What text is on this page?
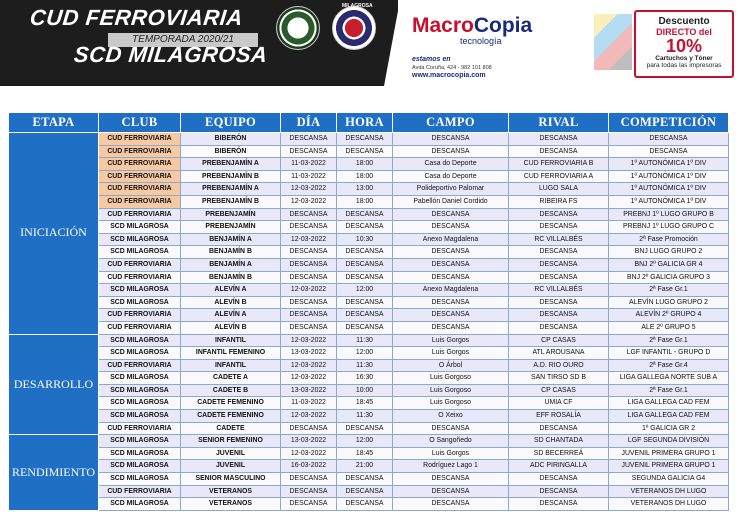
CUD FERROVIARIA
TEMPORADA 2020/21
SCD MILAGROSA
MILAGROSA
MacroCopia
tecnología
estamos en
Avda Coruña, 424 - 982 101 808
www.macrocopia.com
Descuento
DIRECTO del
10%
Cartuchos y Tóner
para todas las impresoras
ETAPA	CLUB	EQUIPO	DÍA	HORA	CAMPO	RIVAL	COMPETICIÓN
INICIACIÓN	CUD FERROVIARIA	BIBERÓN	DESCANSA	DESCANSA	DESCANSA	DESCANSA	DESCANSA
	CUD FERROVIARIA	BIBERÓN	DESCANSA	DESCANSA	DESCANSA	DESCANSA	DESCANSA
	CUD FERROVIARIA	PREBENJAMÍN A	11-03-2022	18:00	Casa do Deporte	CUD FERROVIARIA B	1º AUTONÓMICA 1º DIV
	CUD FERROVIARIA	PREBENJAMÍN B	11-03-2022	18:00	Casa do Deporte	CUD FERROVIARIA A	1º AUTONÓMICA 1º DIV
	CUD FERROVIARIA	PREBENJAMÍN A	12-03-2022	13:00	Polideportivo Palomar	LUGO SALA	1º AUTONÓMICA 1º DIV
	CUD FERROVIARIA	PREBENJAMÍN B	12-03-2022	18:00	Pabellón Daniel Cordido	RIBEIRA FS	1º AUTONÓMICA 1º DIV
	CUD FERROVIARIA	PREBENJAMÍN	DESCANSA	DESCANSA	DESCANSA	DESCANSA	PREBNJ 1º LUGO GRUPO B
	SCD MILAGROSA	PREBENJAMÍN	DESCANSA	DESCANSA	DESCANSA	DESCANSA	PREBNJ 1º LUGO GRUPO C
	SCD MILAGROSA	BENJAMÍN A	12-03-2022	10:30	Anexo Magdalena	RC VILLALBÉS	2ª Fase Promoción
	SCD MILAGROSA	BENJAMÍN B	DESCANSA	DESCANSA	DESCANSA	DESCANSA	BNJ LUGO GRUPO 2
	CUD FERROVIARIA	BENJAMÍN A	DESCANSA	DESCANSA	DESCANSA	DESCANSA	BNJ 2º GALICIA GR 4
	CUD FERROVIARIA	BENJAMÍN B	DESCANSA	DESCANSA	DESCANSA	DESCANSA	BNJ 2º GALICIA GRUPO 3
	SCD MILAGROSA	ALEVÍN A	12-03-2022	12:00	Anexo Magdalena	RC VILLALBÉS	2ª Fase Gr.1
	SCD MILAGROSA	ALEVÍN B	DESCANSA	DESCANSA	DESCANSA	DESCANSA	ALEVÍN LUGO GRUPO 2
	CUD FERROVIARIA	ALEVÍN A	DESCANSA	DESCANSA	DESCANSA	DESCANSA	ALEVÍN 2º GRUPO 4
	CUD FERROVIARIA	ALEVÍN B	DESCANSA	DESCANSA	DESCANSA	DESCANSA	ALE 2º GRUPO 5
DESARROLLO	SCD MILAGROSA	INFANTIL	12-03-2022	11:30	Luis Gorgos	CP CASAS	2ª Fase Gr.1
	SCD MILAGROSA	INFANTIL FEMENINO	13-03-2022	12:00	Luis Gorgos	ATL AROUSANA	LGF INFANTIL - GRUPO D
	CUD FERROVIARIA	INFANTIL	12-03-2022	11:30	O Árbol	A.D. RIO OURO	2ª Fase Gr.4
	SCD MILAGROSA	CADETE A	12-03-2022	16:30	Luis Gorgoso	SAN TIRSO SD B	LIGA GALLEGA NORTE SUB A
	SCD MILAGROSA	CADETE B	13-03-2022	10:00	Luis Gorgoso	CP CASAS	2ª Fase Gr.1
	SCD MILAGROSA	CADETE FEMENINO	11-03-2022	18:45	Luis Gorgoso	UMIA CF	LIGA GALLEGA CAD FEM
	SCD MILAGROSA	CADETE FEMENINO	12-03-2022	11:30	O Xeixo	EFF ROSALÍA	LIGA GALLEGA CAD FEM
	CUD FERROVIARIA	CADETE	DESCANSA	DESCANSA	DESCANSA	DESCANSA	1º GALICIA GR 2
RENDIMIENTO	SCD MILAGROSA	SENIOR FEMENINO	13-03-2022	12:00	O Sangoñedo	SD CHANTADA	LGF SEGUNDA DIVISIÓN
	SCD MILAGROSA	JUVENIL	12-03-2022	18:45	Luis Gorgos	SD BECERREÁ	JUVENIL PRIMERA GRUPO 1
	SCD MILAGROSA	JUVENIL	16-03-2022	21:00	Rodríguez Lago 1	ADC PIRINGALLA	JUVENIL PRIMERA GRUPO 1
	SCD MILAGROSA	SENIOR MASCULINO	DESCANSA	DESCANSA	DESCANSA	DESCANSA	SEGUNDA GALICIA G4
	CUD FERROVIARIA	VETERANOS	DESCANSA	DESCANSA	DESCANSA	DESCANSA	VETERANOS DH LUGO
	SCD MILAGROSA	VETERANOS	DESCANSA	DESCANSA	DESCANSA	DESCANSA	VETERANOS DH LUGO
